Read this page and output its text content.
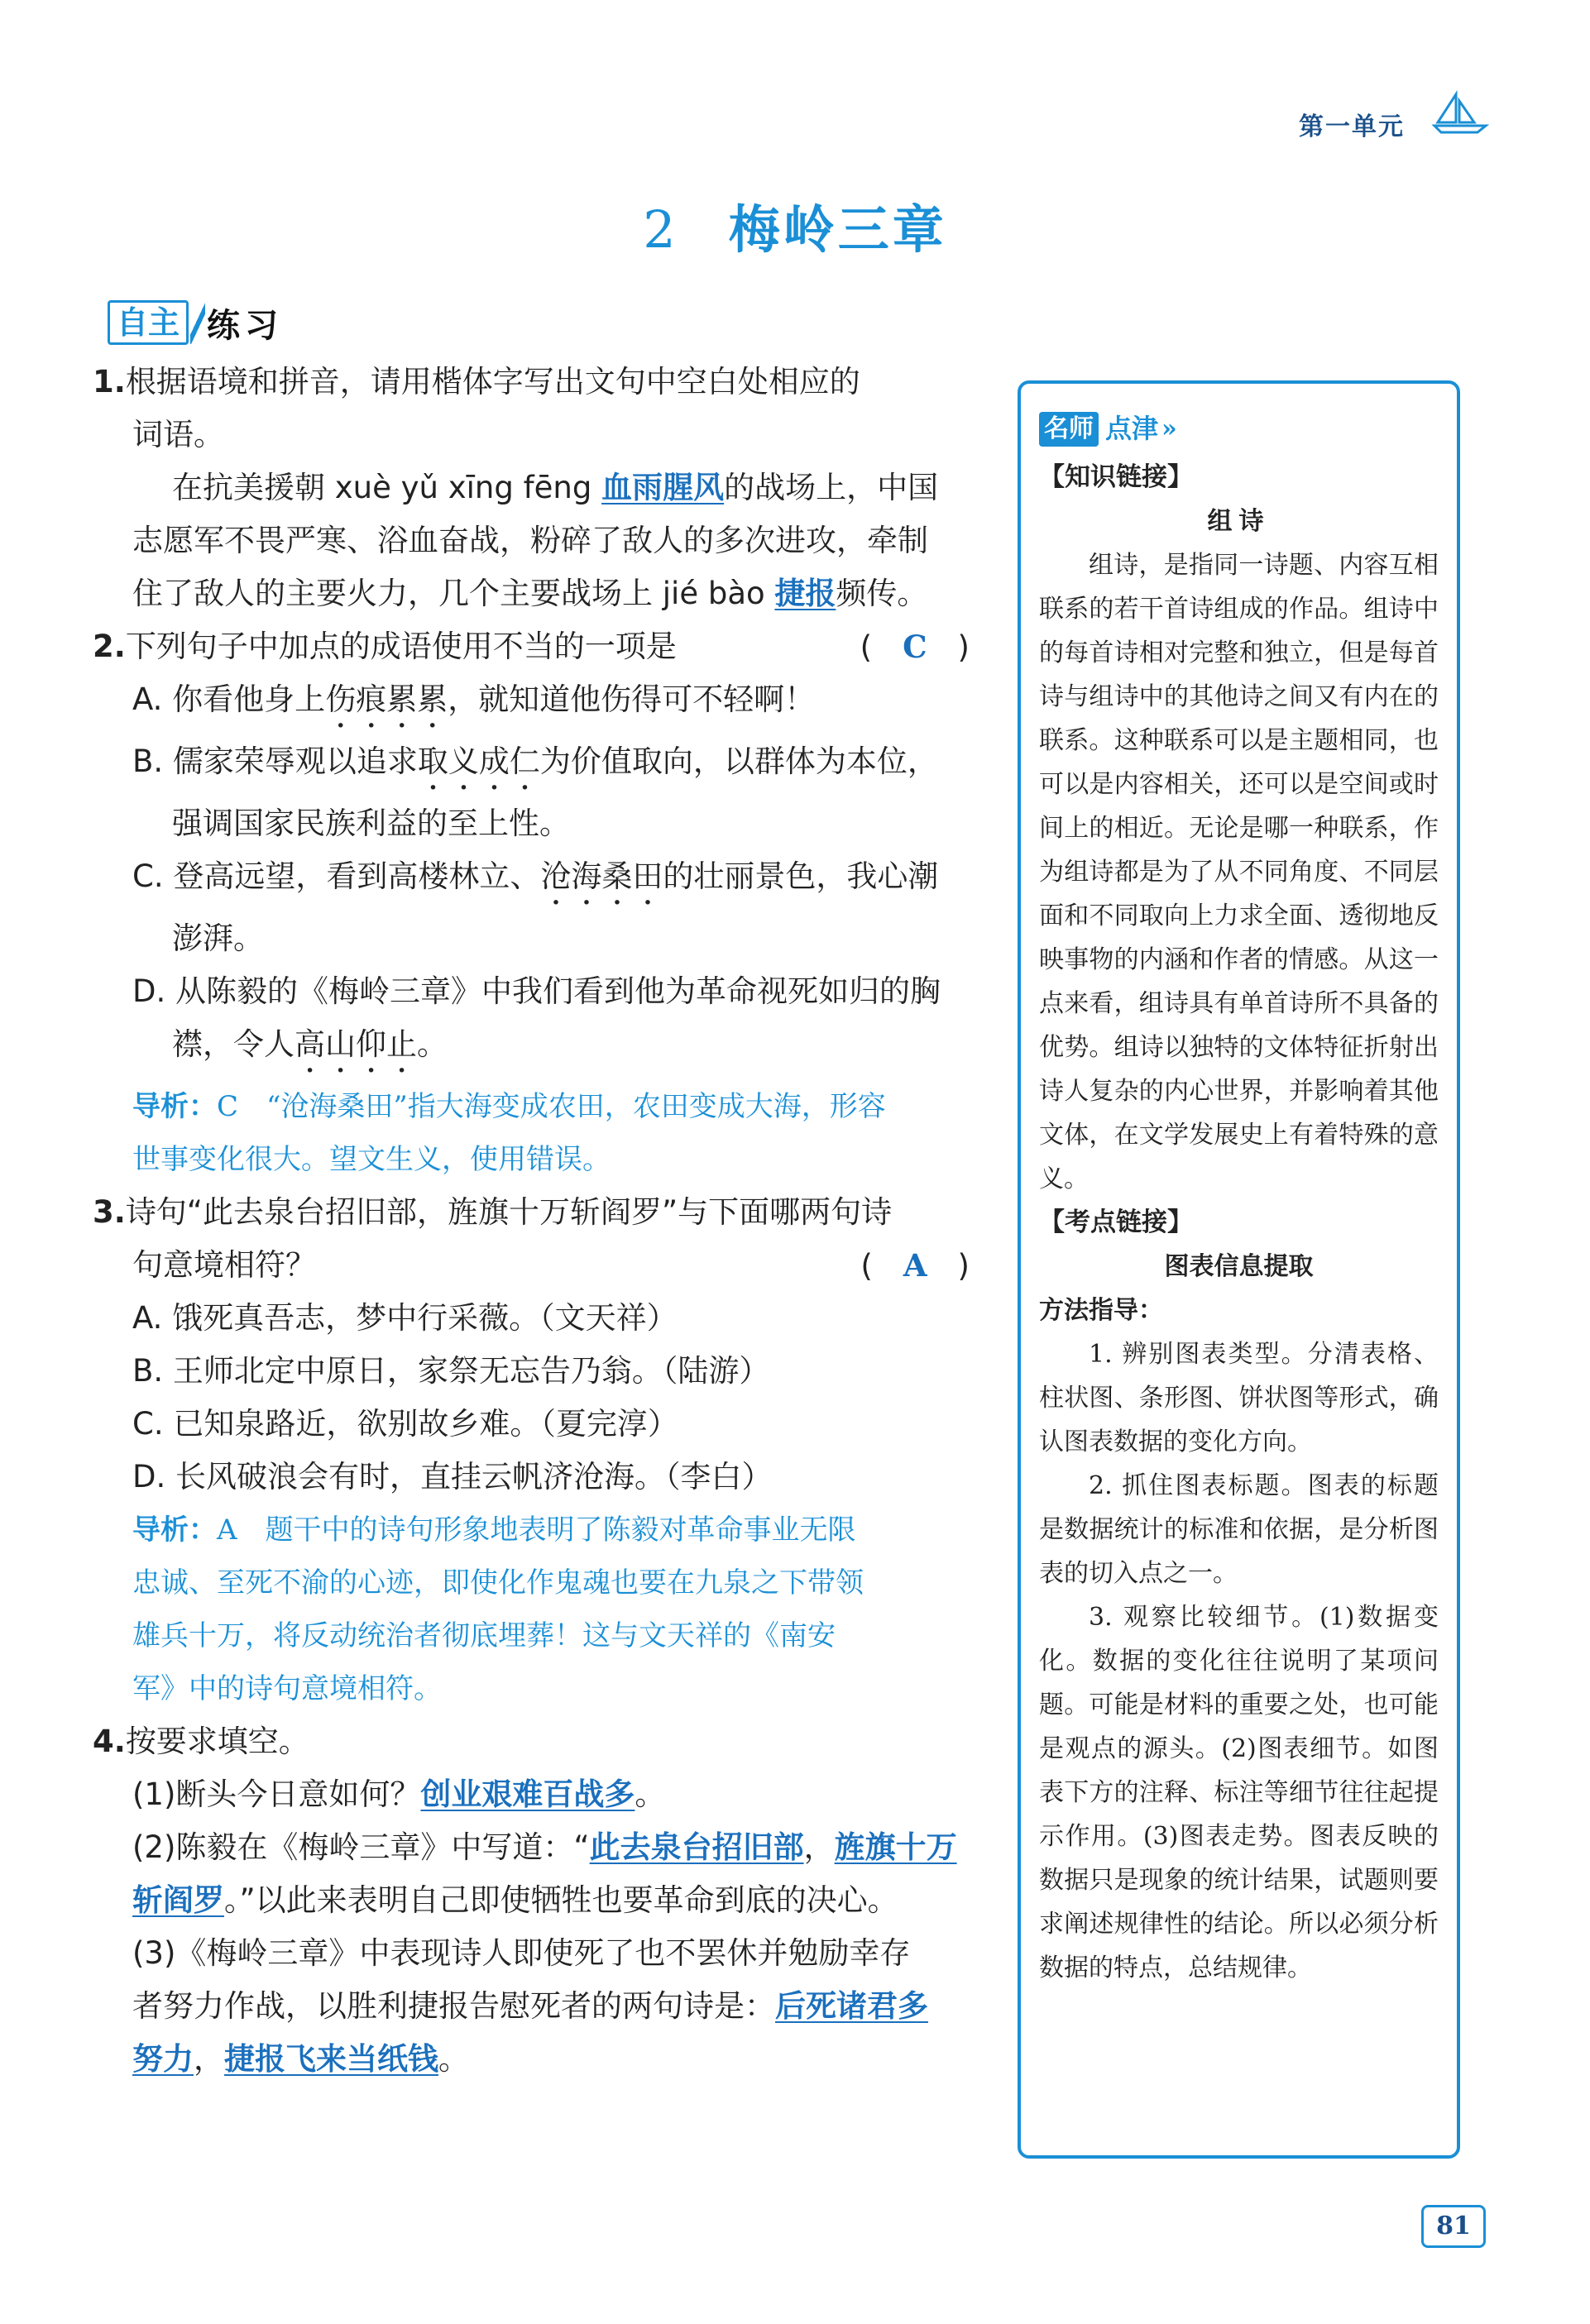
第一单元
2 梅岭三章
自主 练习
1.根据语境和拼音，请用楷体字写出文句中空白处相应的
词语。
在抗美援朝 xuè yǔ xīng fēng 血雨腥风的战场上，中国
志愿军不畏严寒、浴血奋战，粉碎了敌人的多次进攻，牵制
住了敌人的主要火力，几个主要战场上 jié bào 捷报频传。
2.下列句子中加点的成语使用不当的一项是	(　C　)
A. 你看他身上伤痕累累，就知道他伤得可不轻啊！
B. 儒家荣辱观以追求取义成仁为价值取向，以群体为本位，
强调国家民族利益的至上性。
C. 登高远望，看到高楼林立、沧海桑田的壮丽景色，我心潮
澎湃。
D. 从陈毅的《梅岭三章》中我们看到他为革命视死如归的胸
襟，令人高山仰止。
导析：C　“沧海桑田”指大海变成农田，农田变成大海，形容
世事变化很大。望文生义，使用错误。
3.诗句“此去泉台招旧部，旌旗十万斩阎罗”与下面哪两句诗
句意境相符？	(　A　)
A. 饿死真吾志，梦中行采薇。（文天祥）
B. 王师北定中原日，家祭无忘告乃翁。（陆游）
C. 已知泉路近，欲别故乡难。（夏完淳）
D. 长风破浪会有时，直挂云帆济沧海。（李白）
导析：A　题干中的诗句形象地表明了陈毅对革命事业无限
忠诚、至死不渝的心迹，即使化作鬼魂也要在九泉之下带领
雄兵十万，将反动统治者彻底埋葬！这与文天祥的《南安
军》中的诗句意境相符。
4.按要求填空。
(1)断头今日意如何？创业艰难百战多。
(2)陈毅在《梅岭三章》中写道：“此去泉台招旧部，旌旗十万
斩阎罗。”以此来表明自己即使牺牲也要革命到底的决心。
(3)《梅岭三章》中表现诗人即使死了也不罢休并勉励幸存
者努力作战，以胜利捷报告慰死者的两句诗是：后死诸君多
努力，捷报飞来当纸钱。
名师 点津 »
【知识链接】
组诗

组诗，是指同一诗题、内容互相联系的若干首诗组成的作品。组诗中的每首诗相对完整和独立，但是每首诗与组诗中的其他诗之间又有内在的联系。这种联系可以是主题相同，也可以是内容相关，还可以是空间或时间上的相近。无论是哪一种联系，作为组诗都是为了从不同角度、不同层面和不同取向上力求全面、透彻地反映事物的内涵和作者的情感。从这一点来看，组诗具有单首诗所不具备的优势。组诗以独特的文体特征折射出诗人复杂的内心世界，并影响着其他文体，在文学发展史上有着特殊的意义。

【考点链接】
图表信息提取
方法指导：

1. 辨别图表类型。分清表格、柱状图、条形图、饼状图等形式，确认图表数据的变化方向。

2. 抓住图表标题。图表的标题是数据统计的标准和依据，是分析图表的切入点之一。

3. 观察比较细节。(1)数据变化。数据的变化往往说明了某项问题。可能是材料的重要之处，也可能是观点的源头。(2)图表细节。如图表下方的注释、标注等细节往往起提示作用。(3)图表走势。图表反映的数据只是现象的统计结果，试题则要求阐述规律性的结论。所以必须分析数据的特点，总结规律。

81
